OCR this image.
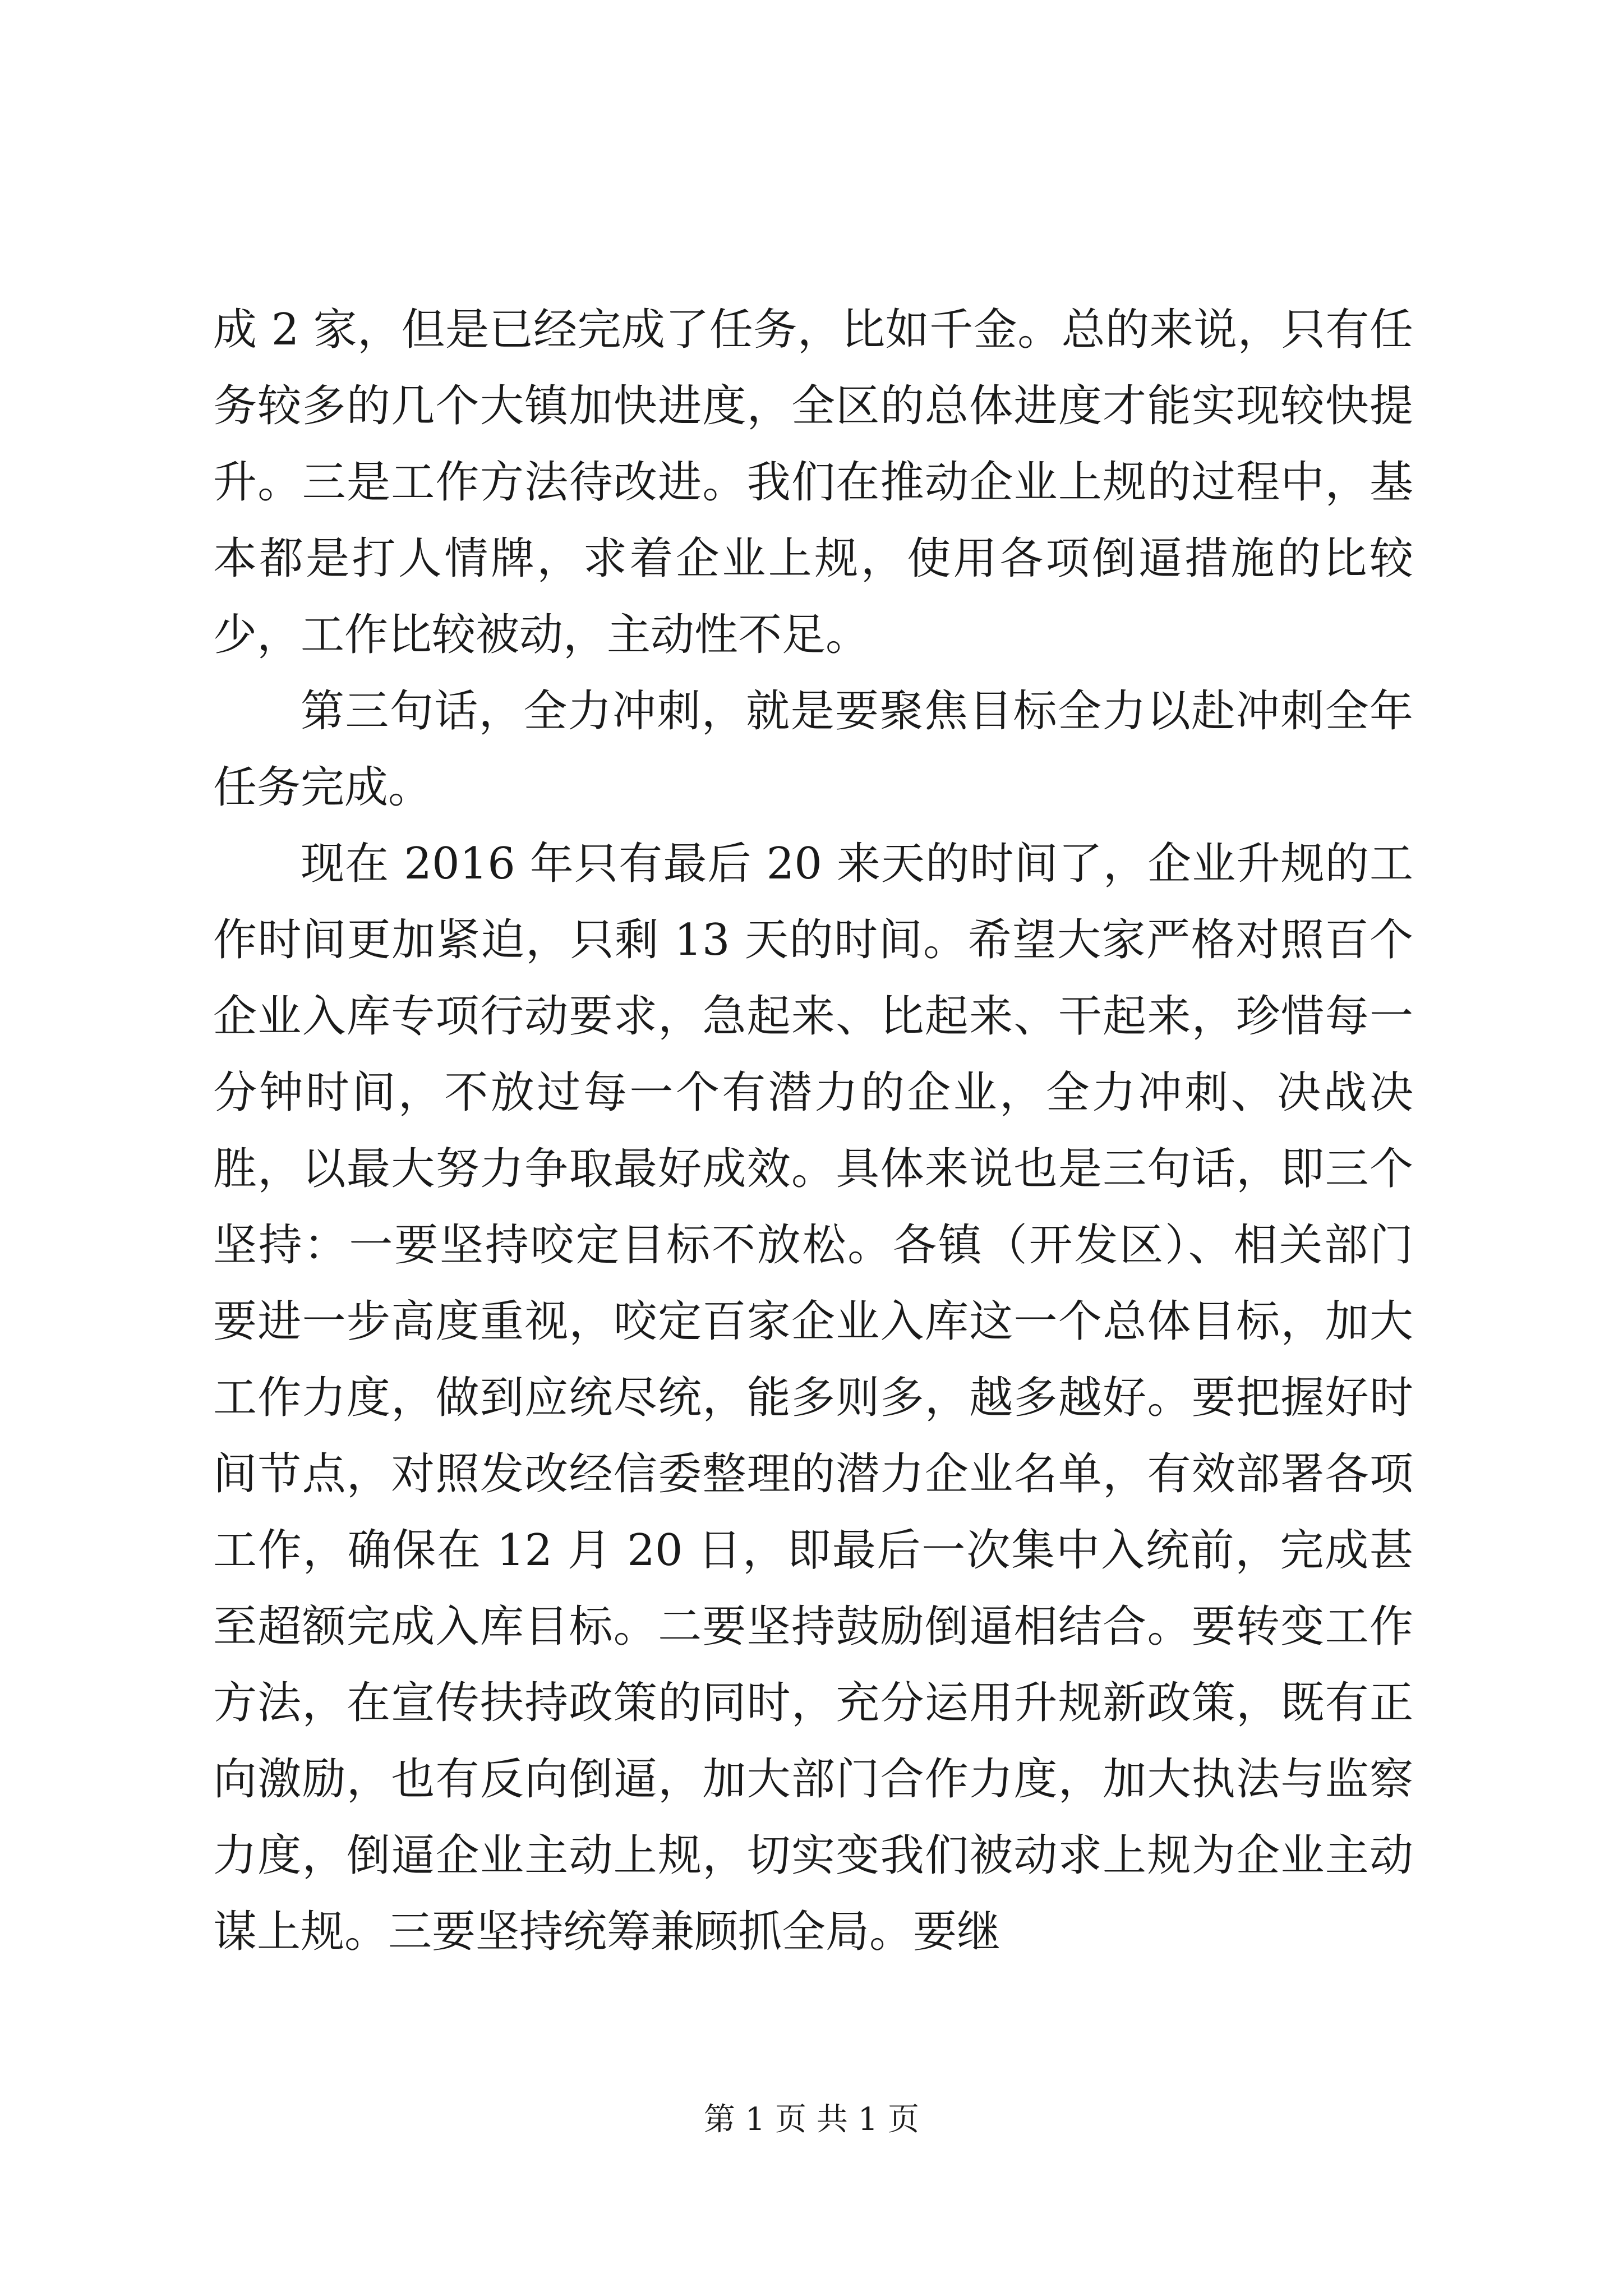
成 2 家，但是已经完成了任务，比如千金。总的来说，只有任务较多的几个大镇加快进度，全区的总体进度才能实现较快提升。三是工作方法待改进。我们在推动企业上规的过程中，基本都是打人情牌，求着企业上规，使用各项倒逼措施的比较少，工作比较被动，主动性不足。

第三句话，全力冲刺，就是要聚焦目标全力以赴冲刺全年任务完成。

现在 2016 年只有最后 20 来天的时间了，企业升规的工作时间更加紧迫，只剩 13 天的时间。希望大家严格对照百个企业入库专项行动要求，急起来、比起来、干起来，珍惜每一分钟时间，不放过每一个有潜力的企业，全力冲刺、决战决胜，以最大努力争取最好成效。具体来说也是三句话，即三个坚持：一要坚持咬定目标不放松。各镇（开发区）、相关部门要进一步高度重视，咬定百家企业入库这一个总体目标，加大工作力度，做到应统尽统，能多则多，越多越好。要把握好时间节点，对照发改经信委整理的潜力企业名单，有效部署各项工作，确保在 12 月 20 日，即最后一次集中入统前，完成甚至超额完成入库目标。二要坚持鼓励倒逼相结合。要转变工作方法，在宣传扶持政策的同时，充分运用升规新政策，既有正向激励，也有反向倒逼，加大部门合作力度，加大执法与监察力度，倒逼企业主动上规，切实变我们被动求上规为企业主动谋上规。三要坚持统筹兼顾抓全局。要继

第 1 页 共 1 页
